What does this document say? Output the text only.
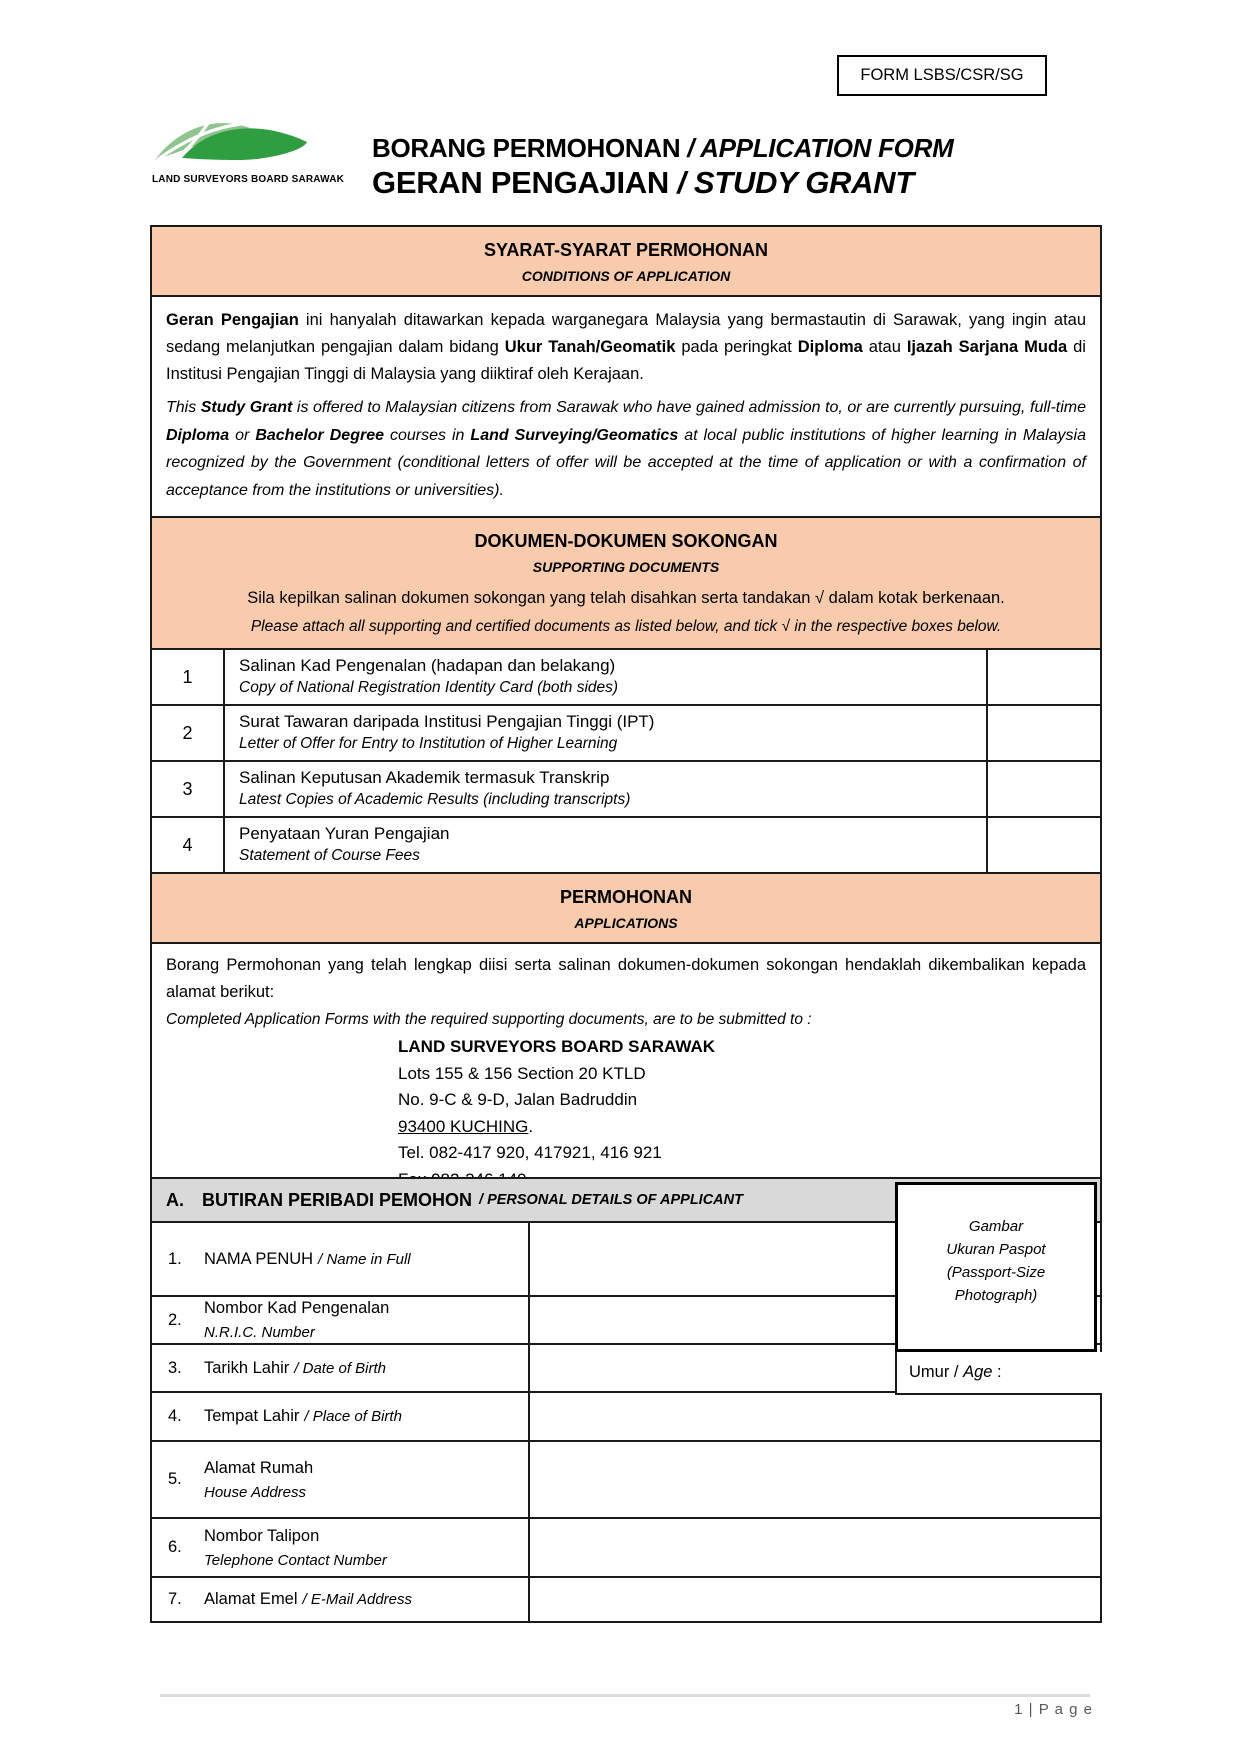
FORM LSBS/CSR/SG
LAND SURVEYORS BOARD SARAWAK
BORANG PERMOHONAN / APPLICATION FORM
GERAN PENGAJIAN / STUDY GRANT
SYARAT-SYARAT PERMOHONAN
CONDITIONS OF APPLICATION

Geran Pengajian ini hanyalah ditawarkan kepada warganegara Malaysia yang bermastautin di Sarawak, yang ingin atau sedang melanjutkan pengajian dalam bidang Ukur Tanah/Geomatik pada peringkat Diploma atau Ijazah Sarjana Muda di Institusi Pengajian Tinggi di Malaysia yang diiktiraf oleh Kerajaan.

This Study Grant is offered to Malaysian citizens from Sarawak who have gained admission to, or are currently pursuing, full-time Diploma or Bachelor Degree courses in Land Surveying/Geomatics at local public institutions of higher learning in Malaysia recognized by the Government (conditional letters of offer will be accepted at the time of application or with a confirmation of acceptance from the institutions or universities).

DOKUMEN-DOKUMEN SOKONGAN
SUPPORTING DOCUMENTS
Sila kepilkan salinan dokumen sokongan yang telah disahkan serta tandakan √ dalam kotak berkenaan.
Please attach all supporting and certified documents as listed below, and tick √ in the respective boxes below.
1
Salinan Kad Pengenalan (hadapan dan belakang)
Copy of National Registration Identity Card (both sides)
2
Surat Tawaran daripada Institusi Pengajian Tinggi (IPT)
Letter of Offer for Entry to Institution of Higher Learning
3
Salinan Keputusan Akademik termasuk Transkrip
Latest Copies of Academic Results (including transcripts)
4
Penyataan Yuran Pengajian
Statement of Course Fees
PERMOHONAN
APPLICATIONS

Borang Permohonan yang telah lengkap diisi serta salinan dokumen-dokumen sokongan hendaklah dikembalikan kepada alamat berikut:

Completed Application Forms with the required supporting documents, are to be submitted to :

LAND SURVEYORS BOARD SARAWAK
Lots 155 & 156 Section 20 KTLD
No. 9-C & 9-D, Jalan Badruddin
93400 KUCHING.
Tel. 082-417 920, 417921, 416 921
A.	BUTIRAN PERIBADI PEMOHON / PERSONAL DETAILS OF APPLICANT
1.	NAMA PENUH / Name in Full
2.
Nombor Kad Pengenalan
N.R.I.C. Number
3.	Tarikh Lahir / Date of Birth
4.	Tempat Lahir / Place of Birth
5.
Alamat Rumah
House Address
6.
Nombor Talipon
Telephone Contact Number
7.	Alamat Emel / E-Mail Address
Gambar
Ukuran Paspot
(Passport-Size
Photograph)
Umur / Age :
1 | P a g e
